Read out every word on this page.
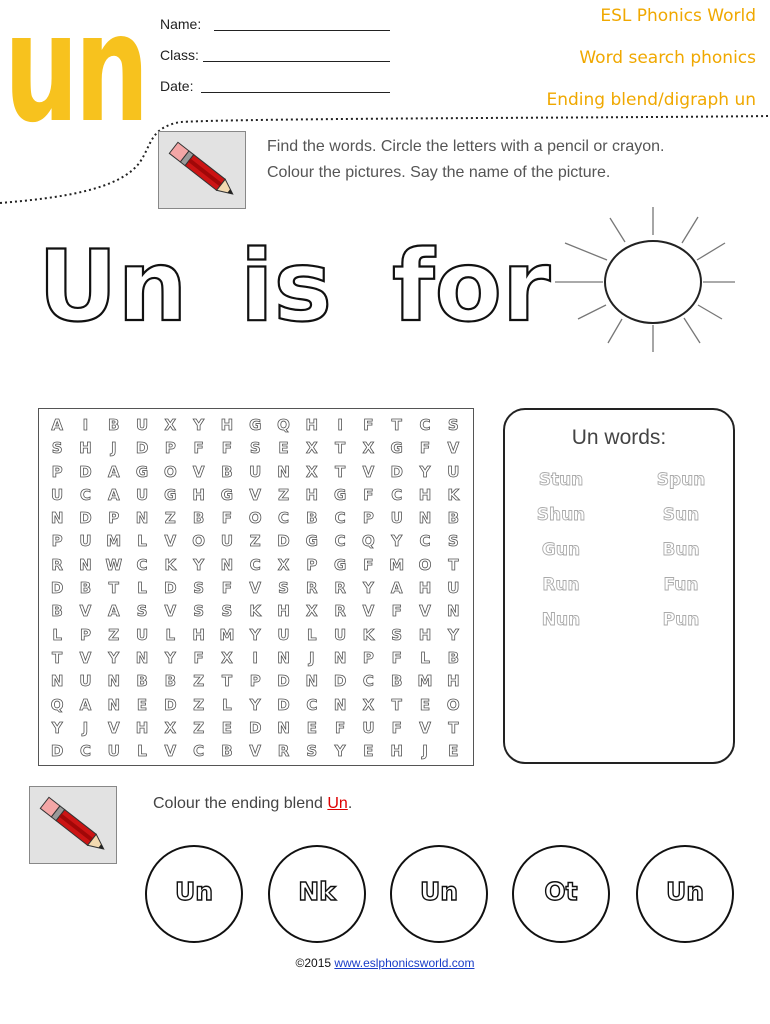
un Name:
Class:
Date:
ESL Phonics World
Word search phonics
Ending blend/digraph un
Find the words. Circle the letters with a pencil or crayon.
Colour the pictures. Say the name of the picture.
Un is for
A	I	B	U	X	Y	H	G	Q	H	I	F	T	C	S
S	H	J	D	P	F	F	S	E	X	T	X	G	F	V
P	D	A	G	O	V	B	U	N	X	T	V	D	Y	U
U	C	A	U	G	H	G	V	Z	H	G	F	C	H	K
N	D	P	N	Z	B	F	O	C	B	C	P	U	N	B
P	U M	L	V	O	U	Z	D	G	C	Q	Y	C	S
R	N W C	K	Y	N	C	X	P	G	F	M O	T
D	B	T	L	D	S	F	V	S	R	R	Y	A	H	U
B	V	A	S	V	S	S	K	H	X	R	V	F	V	N
L	P	Z	U	L	H M	Y	U	L	U	K	S	H	Y
T	V	Y	N	Y	F	X	I	N	J	N	P	F	L	B
N	U	N	B	B	Z	T	P	D	N	D	C	B	M H
Q	A	N	E	D	Z	L	Y	D	C	N	X	T	E	O
Y	J	V	H	X	Z	E	D	N	E	F	U	F	V	T
D	C	U	L	V	C	B	V	R	S	Y	E	H	J	E
Un words:
Stun	Spun
Shun	Sun
Gun	Bun
Run	Fun
Nun	Pun
Colour the ending blend Un.
Un	Nk	Un	Ot	Un
©2015 www.eslphonicsworld.com
